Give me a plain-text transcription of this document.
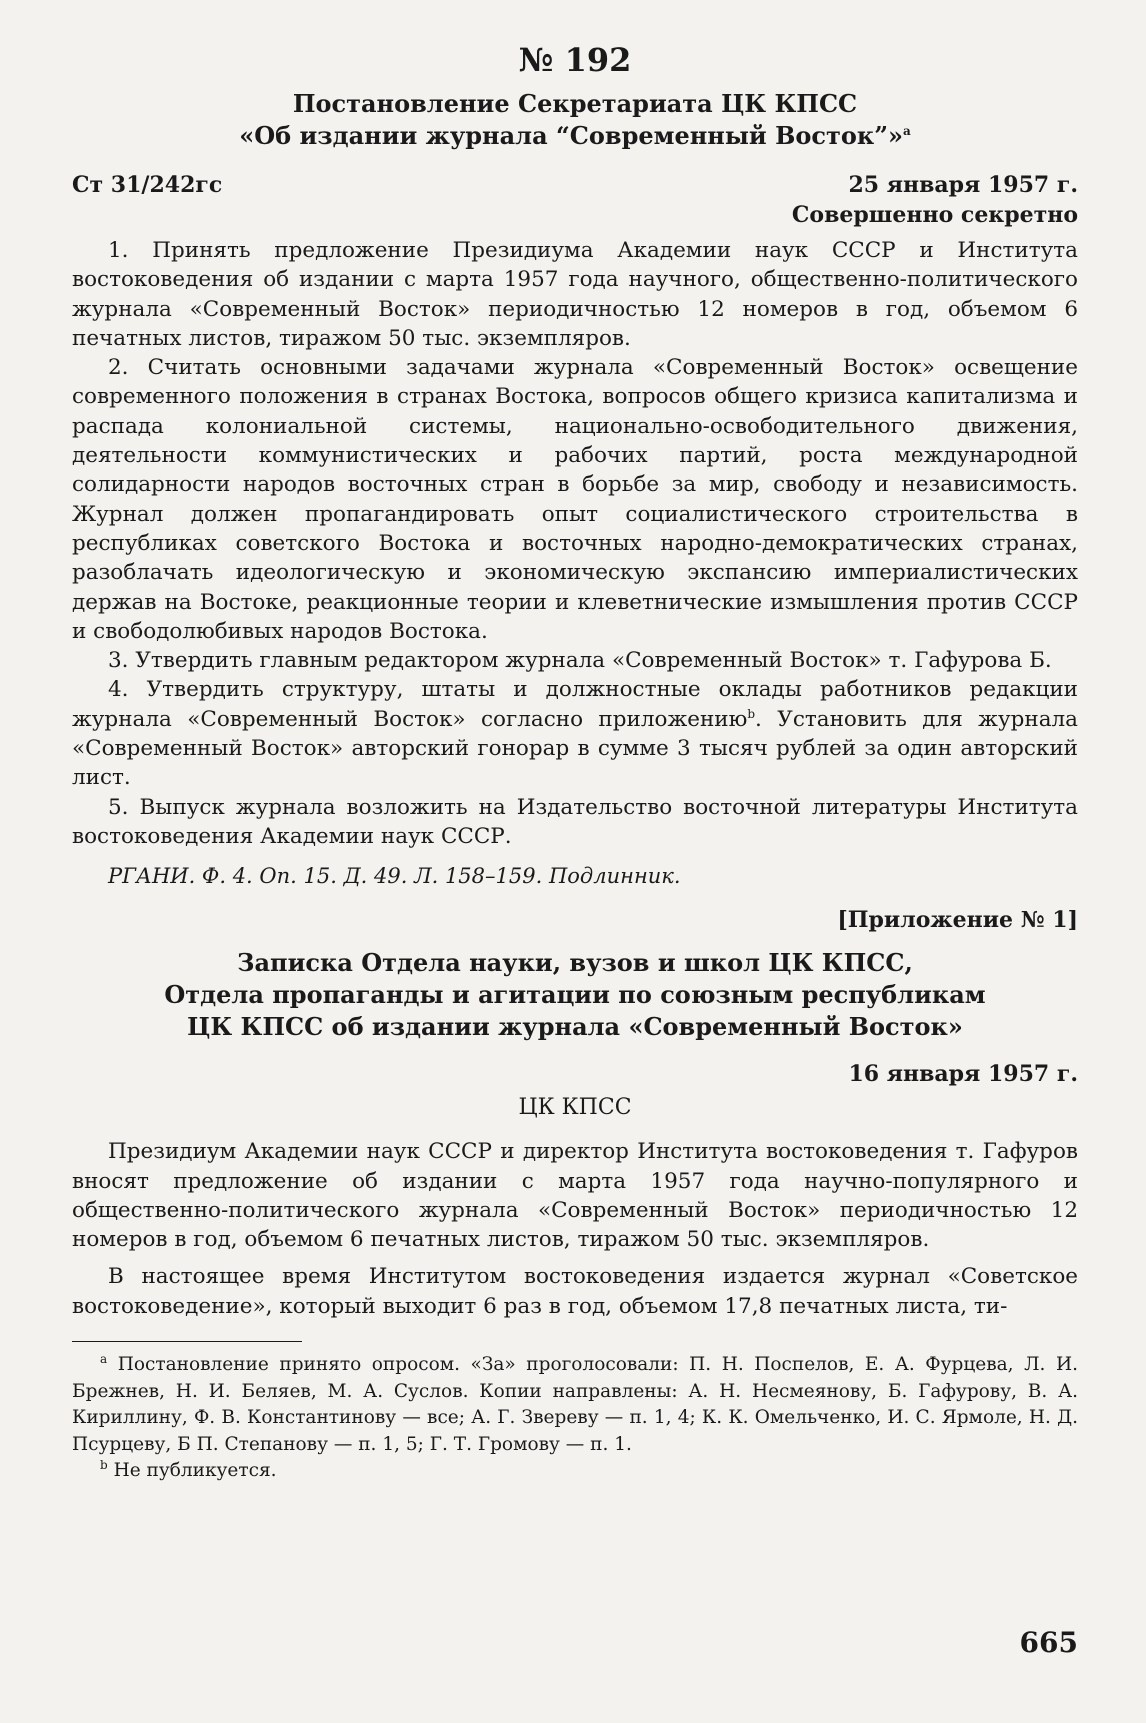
№ 192
Постановление Секретариата ЦК КПСС
«Об издании журнала “Современный Восток”»$^a$
Ст 31/242гс	25 января 1957 г.
Совершенно секретно

1. Принять предложение Президиума Академии наук СССР и Института востоковедения об издании с марта 1957 года научного, общественно-политического журнала «Современный Восток» периодичностью 12 номеров в год, объемом 6 печатных листов, тиражом 50 тыс. экземпляров.

2. Считать основными задачами журнала «Современный Восток» освещение современного положения в странах Востока, вопросов общего кризиса капитализма и распада колониальной системы, национально-освободительного движения, деятельности коммунистических и рабочих партий, роста международной солидарности народов восточных стран в борьбе за мир, свободу и независимость. Журнал должен пропагандировать опыт социалистического строительства в республиках советского Востока и восточных народно-демократических странах, разоблачать идеологическую и экономическую экспансию империалистических держав на Востоке, реакционные теории и клеветнические измышления против СССР и свободолюбивых народов Востока.

3. Утвердить главным редактором журнала «Современный Восток» т. Гафурова Б.

4. Утвердить структуру, штаты и должностные оклады работников редакции журнала «Современный Восток» согласно приложению$^b$. Установить для журнала «Современный Восток» авторский гонорар в сумме 3 тысяч рублей за один авторский лист.

5. Выпуск журнала возложить на Издательство восточной литературы Института востоковедения Академии наук СССР.

РГАНИ. Ф. 4. Оп. 15. Д. 49. Л. 158–159. Подлинник.

[Приложение № 1]
Записка Отдела науки, вузов и школ ЦК КПСС,
Отдела пропаганды и агитации по союзным республикам
ЦК КПСС об издании журнала «Современный Восток»
16 января 1957 г.
ЦК КПСС

Президиум Академии наук СССР и директор Института востоковедения т. Гафуров вносят предложение об издании с марта 1957 года научно-популярного и общественно-политического журнала «Современный Восток» периодичностью 12 номеров в год, объемом 6 печатных листов, тиражом 50 тыс. экземпляров.

В настоящее время Институтом востоковедения издается журнал «Советское востоковедение», который выходит 6 раз в год, объемом 17,8 печатных листа, ти-

$^a$ Постановление принято опросом. «За» проголосовали: П. Н. Поспелов, Е. А. Фурцева, Л. И. Брежнев, Н. И. Беляев, М. А. Суслов. Копии направлены: А. Н. Несмеянову, Б. Гафурову, В. А. Кириллину, Ф. В. Константинову — все; А. Г. Звереву — п. 1, 4; К. К. Омельченко, И. С. Ярмоле, Н. Д. Псурцеву, Б П. Степанову — п. 1, 5; Г. Т. Громову — п. 1.

$^b$ Не публикуется.

665
